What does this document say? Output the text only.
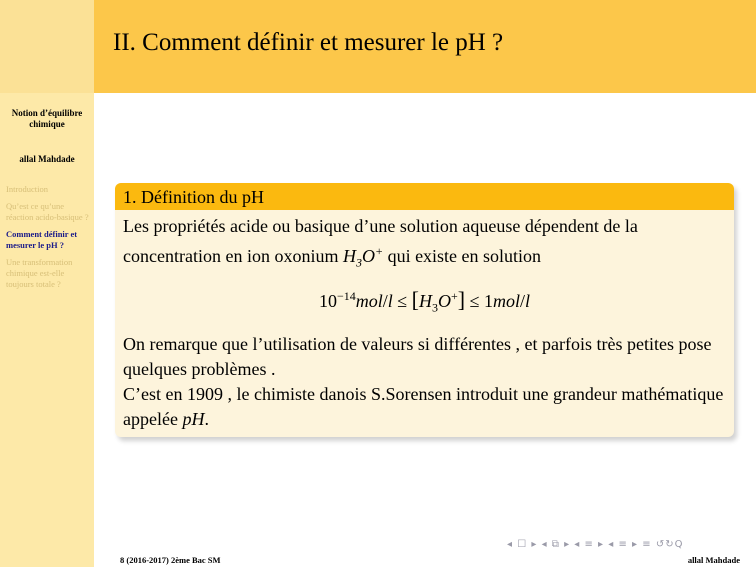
II. Comment définir et mesurer le pH ?
Notion d’équilibre chimique
allal Mahdade
Introduction
Qu’est ce qu’une réaction acido-basique ?
Comment définir et mesurer le pH ?
Une transformation chimique est-elle toujours totale ?
1. Définition du pH

Les propriétés acide ou basique d’une solution aqueuse dépendent de la concentration en ion oxonium $H_3O^+$ qui existe en solution

$10^{-14}mol/l \le [H_3O^+] \le 1mol/l$

On remarque que l’utilisation de valeurs si différentes , et parfois très petites pose quelques problèmes .

C’est en 1909 , le chimiste danois S.Sorensen introduit une grandeur mathématique appelée pH.

◂ ☐ ▸ ◂ ⧉ ▸ ◂ ≡ ▸ ◂ ≡ ▸ ≡ ↺↻Q
8 (2016-2017) 2ème Bac SM	allal Mahdade
